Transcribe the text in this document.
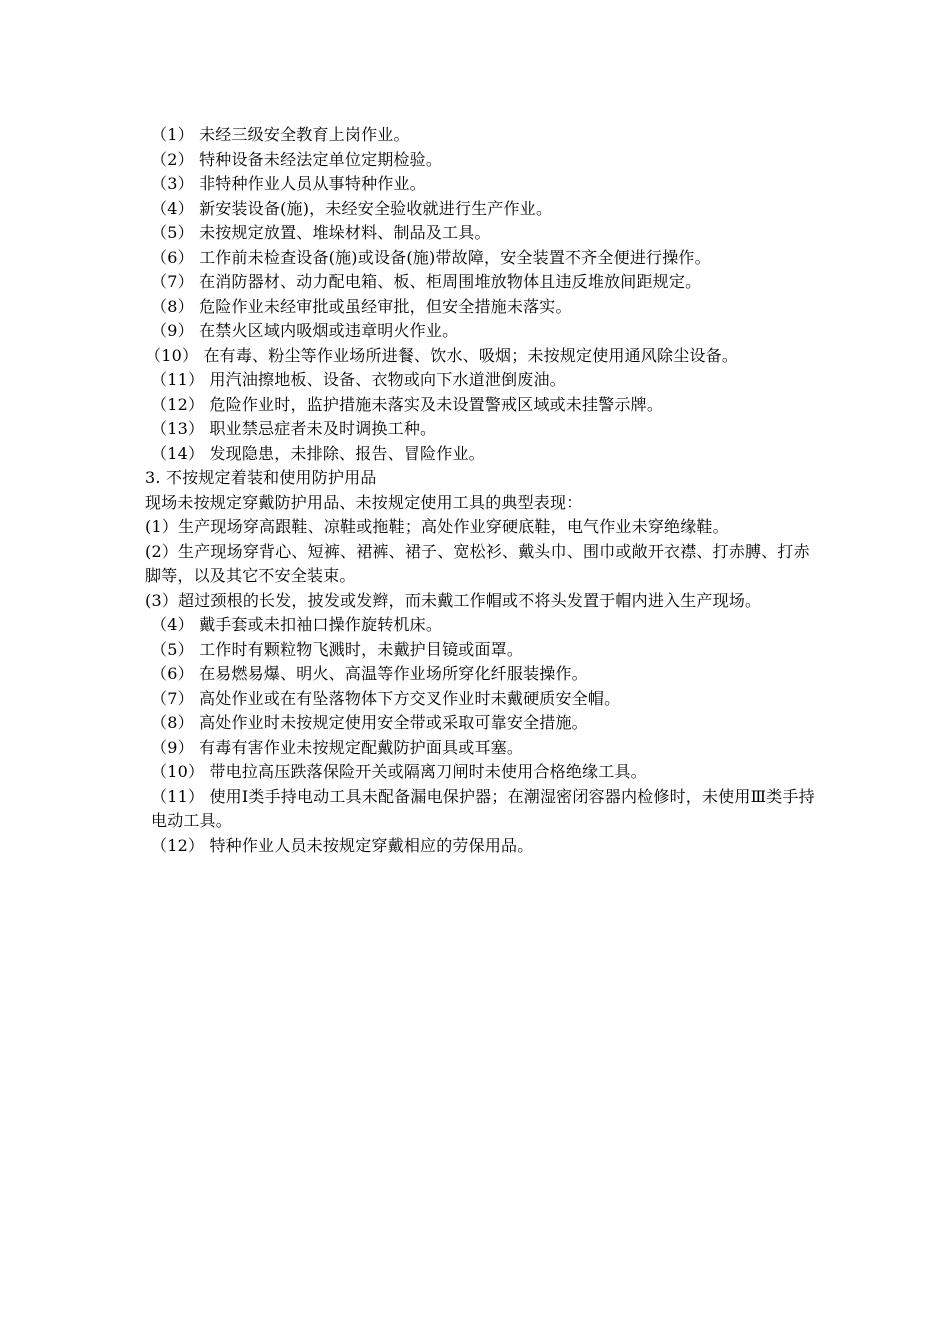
（1） 未经三级安全教育上岗作业。
（2） 特种设备未经法定单位定期检验。
（3） 非特种作业人员从事特种作业。
（4） 新安装设备(施)，未经安全验收就进行生产作业。
（5） 未按规定放置、堆垛材料、制品及工具。
（6） 工作前未检查设备(施)或设备(施)带故障，安全装置不齐全便进行操作。
（7） 在消防器材、动力配电箱、板、柜周围堆放物体且违反堆放间距规定。
（8） 危险作业未经审批或虽经审批，但安全措施未落实。
（9） 在禁火区域内吸烟或违章明火作业。
（10） 在有毒、粉尘等作业场所进餐、饮水、吸烟；未按规定使用通风除尘设备。
（11） 用汽油擦地板、设备、衣物或向下水道泄倒废油。
（12） 危险作业时，监护措施未落实及未设置警戒区域或未挂警示牌。
（13） 职业禁忌症者未及时调换工种。
（14） 发现隐患，未排除、报告、冒险作业。
3. 不按规定着装和使用防护用品
现场未按规定穿戴防护用品、未按规定使用工具的典型表现：
(1）生产现场穿高跟鞋、凉鞋或拖鞋；高处作业穿硬底鞋，电气作业未穿绝缘鞋。
(2）生产现场穿背心、短裤、裙裤、裙子、宽松衫、戴头巾、围巾或敞开衣襟、打赤膊、打赤脚等，以及其它不安全装束。
(3）超过颈根的长发，披发或发辫，而未戴工作帽或不将头发置于帽内进入生产现场。
（4） 戴手套或未扣袖口操作旋转机床。
（5） 工作时有颗粒物飞溅时，未戴护目镜或面罩。
（6） 在易燃易爆、明火、高温等作业场所穿化纤服装操作。
（7） 高处作业或在有坠落物体下方交叉作业时未戴硬质安全帽。
（8） 高处作业时未按规定使用安全带或采取可靠安全措施。
（9） 有毒有害作业未按规定配戴防护面具或耳塞。
（10） 带电拉高压跌落保险开关或隔离刀闸时未使用合格绝缘工具。
（11） 使用Ⅰ类手持电动工具未配备漏电保护器；在潮湿密闭容器内检修时，未使用Ⅲ类手持电动工具。
（12） 特种作业人员未按规定穿戴相应的劳保用品。
